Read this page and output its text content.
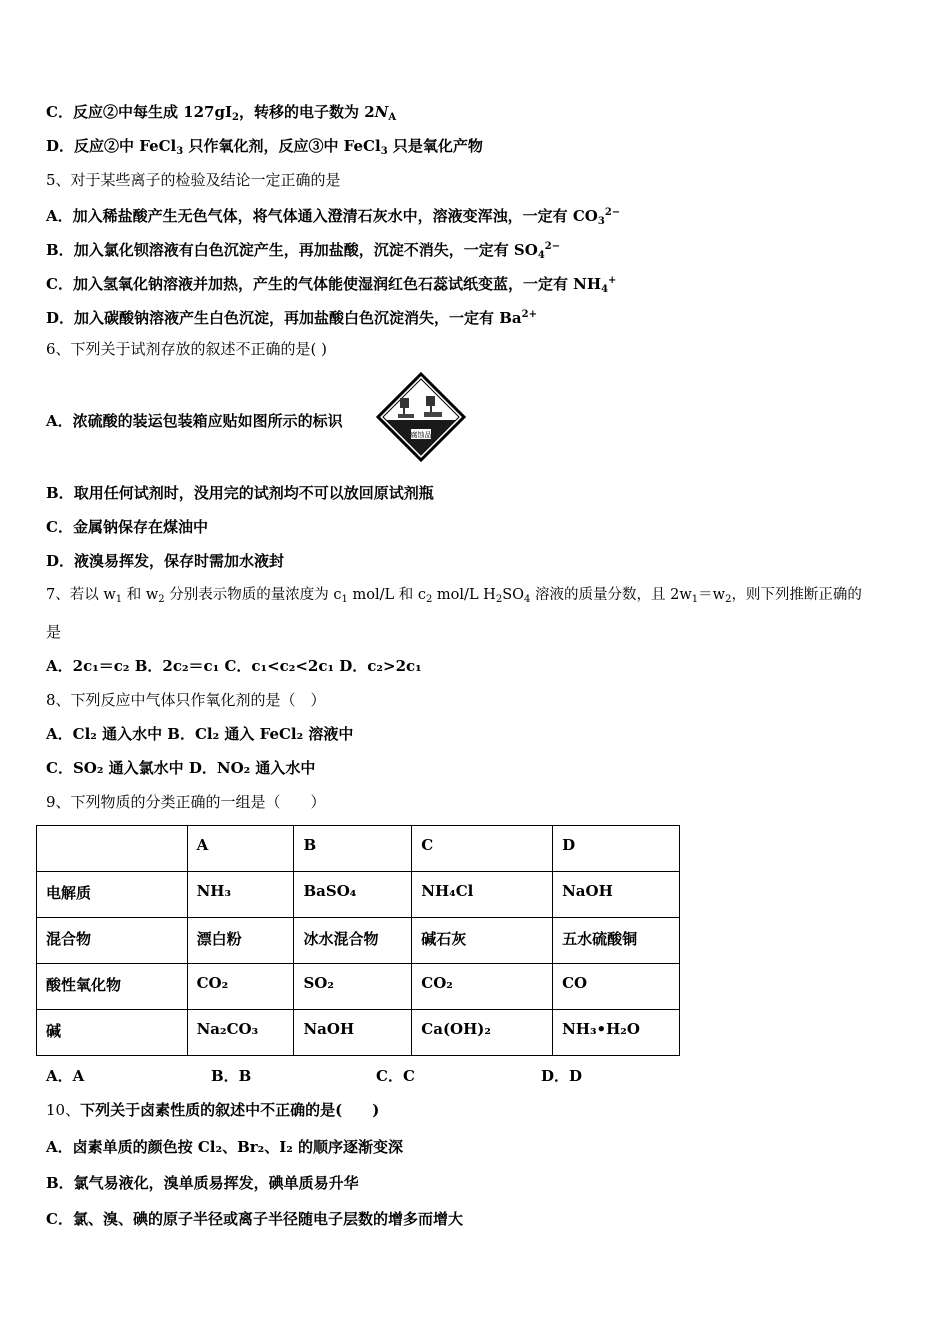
C．反应②中每生成 $127gI_2$，转移的电子数为 $2N_A$
D．反应②中 FeCl$_3$ 只作氧化剂，反应③中 FeCl$_3$ 只是氧化产物
5、对于某些离子的检验及结论一定正确的是
A．加入稀盐酸产生无色气体，将气体通入澄清石灰水中，溶液变浑浊，一定有 $CO_3^{2-}$
B．加入氯化钡溶液有白色沉淀产生，再加盐酸，沉淀不消失，一定有 $SO_4^{2-}$
C．加入氢氧化钠溶液并加热，产生的气体能使湿润红色石蕊试纸变蓝，一定有 $NH_4^+$
D．加入碳酸钠溶液产生白色沉淀，再加盐酸白色沉淀消失，一定有 $Ba^{2+}$
6、下列关于试剂存放的叙述不正确的是( )
A．浓硫酸的装运包装箱应贴如图所示的标识
腐蚀品
B．取用任何试剂时，没用完的试剂均不可以放回原试剂瓶
C．金属钠保存在煤油中
D．液溴易挥发，保存时需加水液封
7、若以 $w_1$ 和 $w_2$ 分别表示物质的量浓度为 $c_1$ mol/L 和 $c_2$ mol/L $H_2SO_4$ 溶液的质量分数，且 $2w_1=w_2$，则下列推断正确的
是
A．2c₁＝c₂ B．2c₂＝c₁ C．c₁<c₂<2c₁ D．c₂>2c₁
8、下列反应中气体只作氧化剂的是（　）
A．Cl₂ 通入水中 B．Cl₂ 通入 FeCl₂ 溶液中
C．SO₂ 通入氯水中 D．NO₂ 通入水中
9、下列物质的分类正确的一组是（　　）
	A	B	C	D
电解质	NH₃	BaSO₄	NH₄Cl	NaOH
混合物	漂白粉	冰水混合物	碱石灰	五水硫酸铜
酸性氧化物	CO₂	SO₂	CO₂	CO
碱	Na₂CO₃	NaOH	Ca(OH)₂	NH₃•H₂O
A．A	B．B	C．C	D．D
10、下列关于卤素性质的叙述中不正确的是(　　)
A．卤素单质的颜色按 Cl₂、Br₂、I₂ 的顺序逐渐变深
B．氯气易液化，溴单质易挥发，碘单质易升华
C．氯、溴、碘的原子半径或离子半径随电子层数的增多而增大
